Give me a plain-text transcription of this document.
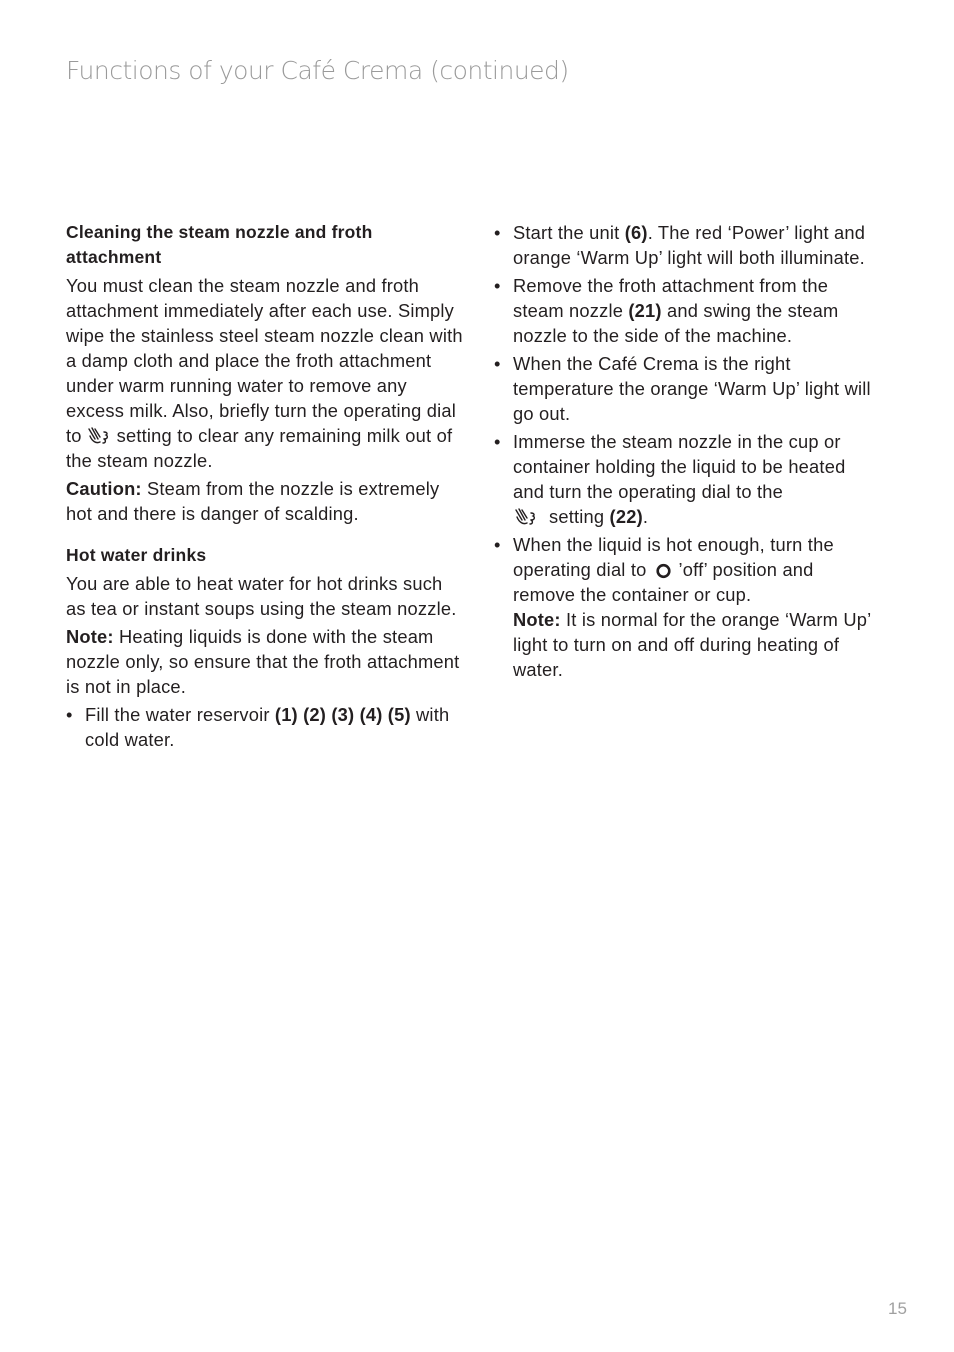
Functions of your Café Crema (continued)
Cleaning the steam nozzle and froth attachment

You must clean the steam nozzle and froth attachment immediately after each use. Simply wipe the stainless steel steam nozzle clean with a damp cloth and place the froth attachment under warm running water to remove any excess milk. Also, briefly turn the operating dial to setting to clear any remaining milk out of the steam nozzle.

Caution: Steam from the nozzle is extremely hot and there is danger of scalding.

Hot water drinks

You are able to heat water for hot drinks such as tea or instant soups using the steam nozzle.

Note: Heating liquids is done with the steam nozzle only, so ensure that the froth attachment is not in place.

• Fill the water reservoir (1) (2) (3) (4) (5) with cold water.
• Start the unit (6). The red ‘Power’ light and orange ‘Warm Up’ light will both illuminate.
• Remove the froth attachment from the steam nozzle (21) and swing the steam nozzle to the side of the machine.
• When the Café Crema is the right temperature the orange ‘Warm Up’ light will go out.
• Immerse the steam nozzle in the cup or container holding the liquid to be heated and turn the operating dial to the
setting (22).
• When the liquid is hot enough, turn the operating dial to ’off’ position and remove the container or cup.

Note: It is normal for the orange ‘Warm Up’ light to turn on and off during heating of water.

15
